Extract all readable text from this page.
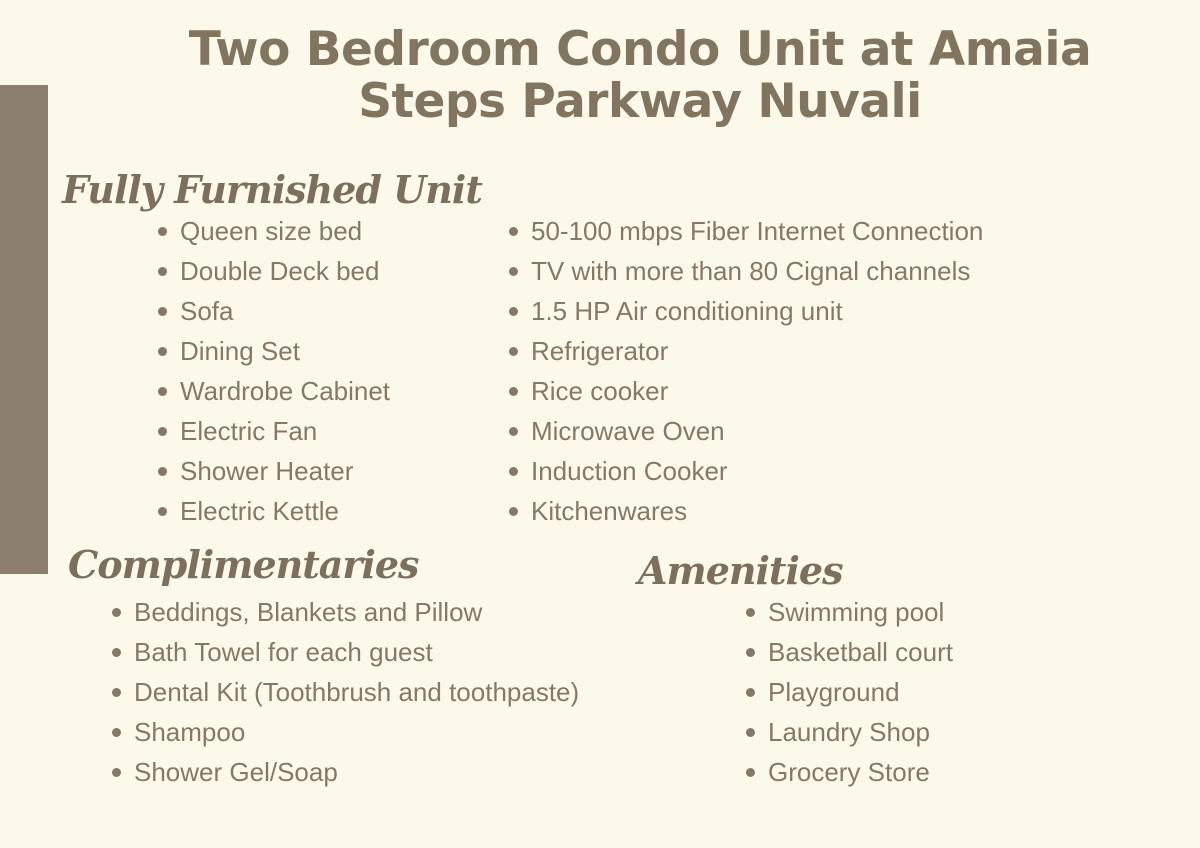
Two Bedroom Condo Unit at Amaia Steps Parkway Nuvali
Fully Furnished Unit
Queen size bed
Double Deck bed
Sofa
Dining Set
Wardrobe Cabinet
Electric Fan
Shower Heater
Electric Kettle
50-100 mbps Fiber Internet Connection
TV with more than 80 Cignal channels
1.5 HP Air conditioning unit
Refrigerator
Rice cooker
Microwave Oven
Induction Cooker
Kitchenwares
Complimentaries
Beddings, Blankets and Pillow
Bath Towel for each guest
Dental Kit (Toothbrush and toothpaste)
Shampoo
Shower Gel/Soap
Amenities
Swimming pool
Basketball court
Playground
Laundry Shop
Grocery Store
